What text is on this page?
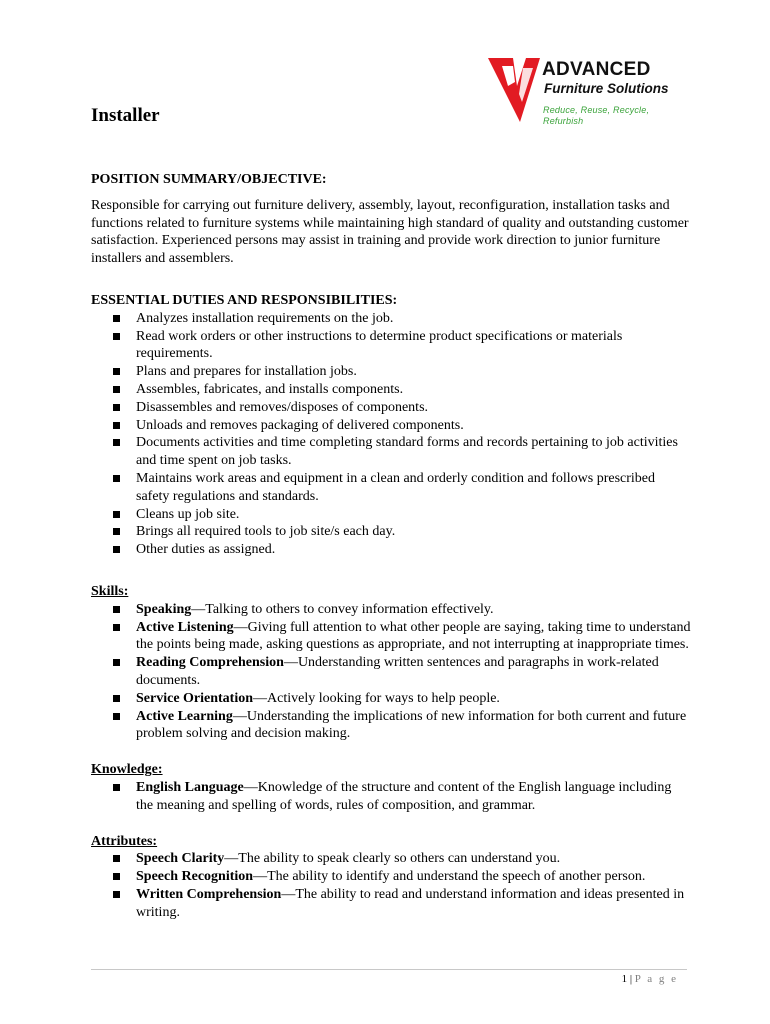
ADVANCED
Furniture Solutions
Reduce, Reuse, Recycle, Refurbish
Installer

POSITION SUMMARY/OBJECTIVE:

Responsible for carrying out furniture delivery, assembly, layout, reconfiguration, installation tasks and functions related to furniture systems while maintaining high standard of quality and outstanding customer satisfaction. Experienced persons may assist in training and provide work direction to junior furniture installers and assemblers.

ESSENTIAL DUTIES AND RESPONSIBILITIES:

Analyzes installation requirements on the job.
Read work orders or other instructions to determine product specifications or materials requirements.
Plans and prepares for installation jobs.
Assembles, fabricates, and installs components.
Disassembles and removes/disposes of components.
Unloads and removes packaging of delivered components.
Documents activities and time completing standard forms and records pertaining to job activities and time spent on job tasks.
Maintains work areas and equipment in a clean and orderly condition and follows prescribed safety regulations and standards.
Cleans up job site.
Brings all required tools to job site/s each day.
Other duties as assigned.

Skills:

Speaking—Talking to others to convey information effectively.
Active Listening—Giving full attention to what other people are saying, taking time to understand the points being made, asking questions as appropriate, and not interrupting at inappropriate times.
Reading Comprehension—Understanding written sentences and paragraphs in work-related documents.
Service Orientation—Actively looking for ways to help people.
Active Learning—Understanding the implications of new information for both current and future problem solving and decision making.

Knowledge:

English Language—Knowledge of the structure and content of the English language including the meaning and spelling of words, rules of composition, and grammar.

Attributes:

Speech Clarity—The ability to speak clearly so others can understand you.
Speech Recognition—The ability to identify and understand the speech of another person.
Written Comprehension—The ability to read and understand information and ideas presented in writing.
1 | P a g e
